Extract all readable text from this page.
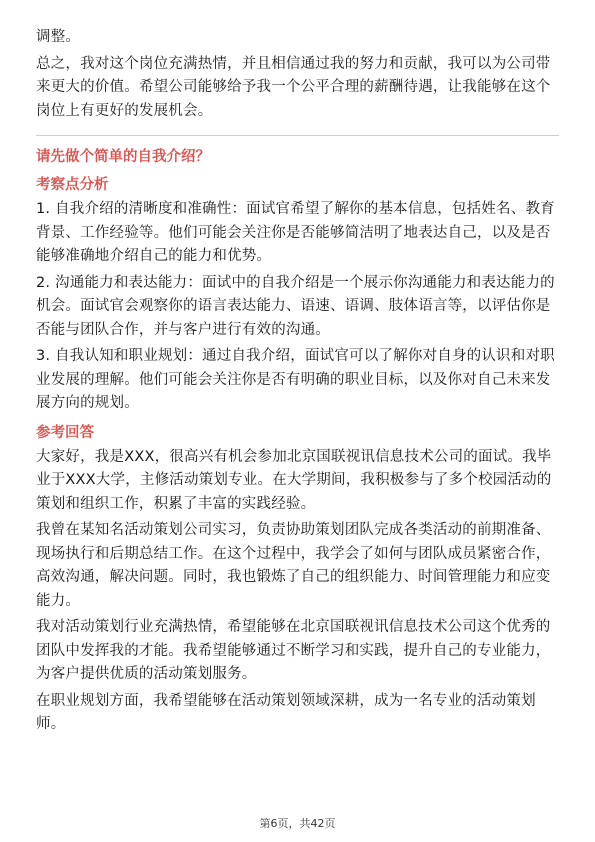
调整。

总之，我对这个岗位充满热情，并且相信通过我的努力和贡献，我可以为公司带来更大的价值。希望公司能够给予我一个公平合理的薪酬待遇，让我能够在这个岗位上有更好的发展机会。

请先做个简单的自我介绍？

考察点分析

1. 自我介绍的清晰度和准确性：面试官希望了解你的基本信息，包括姓名、教育背景、工作经验等。他们可能会关注你是否能够简洁明了地表达自己，以及是否能够准确地介绍自己的能力和优势。

2. 沟通能力和表达能力：面试中的自我介绍是一个展示你沟通能力和表达能力的机会。面试官会观察你的语言表达能力、语速、语调、肢体语言等，以评估你是否能与团队合作，并与客户进行有效的沟通。

3. 自我认知和职业规划：通过自我介绍，面试官可以了解你对自身的认识和对职业发展的理解。他们可能会关注你是否有明确的职业目标，以及你对自己未来发展方向的规划。

参考回答

大家好，我是XXX，很高兴有机会参加北京国联视讯信息技术公司的面试。我毕业于XXX大学，主修活动策划专业。在大学期间，我积极参与了多个校园活动的策划和组织工作，积累了丰富的实践经验。

我曾在某知名活动策划公司实习，负责协助策划团队完成各类活动的前期准备、现场执行和后期总结工作。在这个过程中，我学会了如何与团队成员紧密合作，高效沟通，解决问题。同时，我也锻炼了自己的组织能力、时间管理能力和应变能力。

我对活动策划行业充满热情，希望能够在北京国联视讯信息技术公司这个优秀的团队中发挥我的才能。我希望能够通过不断学习和实践，提升自己的专业能力，为客户提供优质的活动策划服务。

在职业规划方面，我希望能够在活动策划领域深耕，成为一名专业的活动策划师。

第6页，共42页
